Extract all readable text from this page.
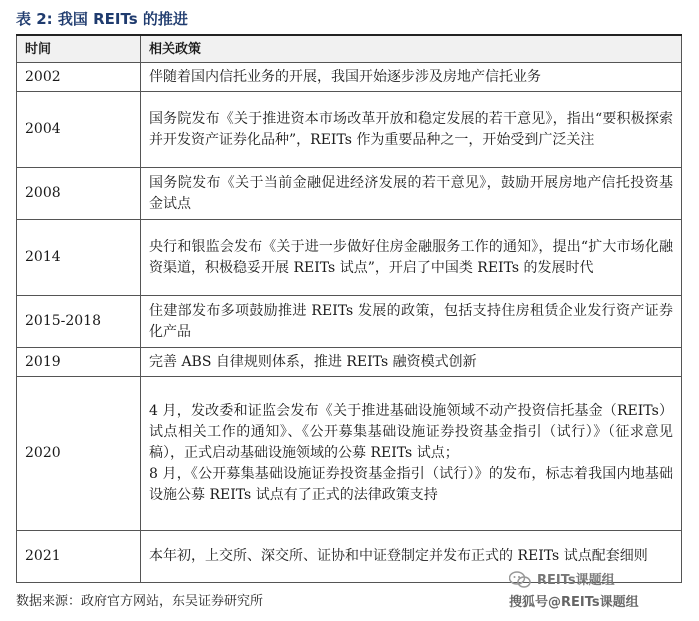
表 2: 我国 REITs 的推进
时间	相关政策
2002	伴随着国内信托业务的开展，我国开始逐步涉及房地产信托业务
2004	国务院发布《关于推进资本市场改革开放和稳定发展的若干意见》，指出“要积极探索并开发资产证券化品种”，REITs 作为重要品种之一，开始受到广泛关注
2008	国务院发布《关于当前金融促进经济发展的若干意见》，鼓励开展房地产信托投资基金试点
2014	央行和银监会发布《关于进一步做好住房金融服务工作的通知》，提出“扩大市场化融资渠道，积极稳妥开展 REITs 试点”，开启了中国类 REITs 的发展时代
2015-2018	住建部发布多项鼓励推进 REITs 发展的政策，包括支持住房租赁企业发行资产证券化产品
2019	完善 ABS 自律规则体系，推进 REITs 融资模式创新
2020	4 月，发改委和证监会发布《关于推进基础设施领域不动产投资信托基金（REITs）试点相关工作的通知》、《公开募集基础设施证券投资基金指引（试行）》（征求意见稿），正式启动基础设施领域的公募 REITs 试点；
8 月，《公开募集基础设施证券投资基金指引（试行）》的发布，标志着我国内地基础设施公募 REITs 试点有了正式的法律政策支持
2021	本年初，上交所、深交所、证协和中证登制定并发布正式的 REITs 试点配套细则
数据来源：政府官方网站，东吴证券研究所
REITs课题组
搜狐号@REITs课题组
